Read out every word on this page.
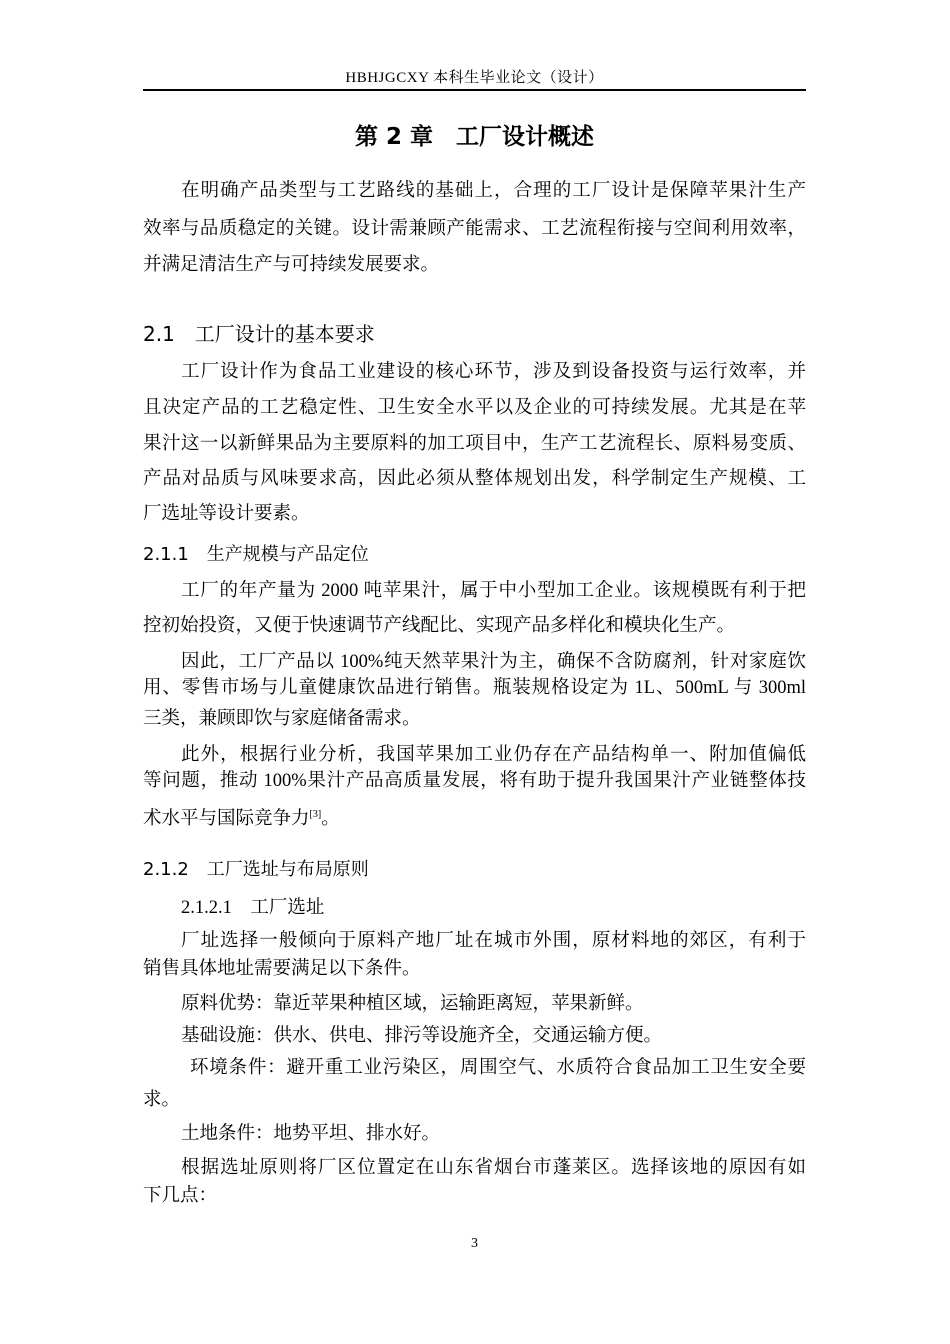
HBHJGCXY 本科生毕业论文（设计）
第 2 章　工厂设计概述
在明确产品类型与工艺路线的基础上，合理的工厂设计是保障苹果汁生产
效率与品质稳定的关键。设计需兼顾产能需求、工艺流程衔接与空间利用效率，
并满足清洁生产与可持续发展要求。
2.1　工厂设计的基本要求
工厂设计作为食品工业建设的核心环节，涉及到设备投资与运行效率，并
且决定产品的工艺稳定性、卫生安全水平以及企业的可持续发展。尤其是在苹
果汁这一以新鲜果品为主要原料的加工项目中，生产工艺流程长、原料易变质、
产品对品质与风味要求高，因此必须从整体规划出发，科学制定生产规模、工
厂选址等设计要素。
2.1.1　生产规模与产品定位
工厂的年产量为 2000 吨苹果汁，属于中小型加工企业。该规模既有利于把
控初始投资，又便于快速调节产线配比、实现产品多样化和模块化生产。
因此，工厂产品以 100%纯天然苹果汁为主，确保不含防腐剂，针对家庭饮
用、零售市场与儿童健康饮品进行销售。瓶装规格设定为 1L、500mL 与 300ml
三类，兼顾即饮与家庭储备需求。
此外，根据行业分析，我国苹果加工业仍存在产品结构单一、附加值偏低
等问题，推动 100%果汁产品高质量发展，将有助于提升我国果汁产业链整体技
术水平与国际竞争力[3]。
2.1.2　工厂选址与布局原则
2.1.2.1　工厂选址
厂址选择一般倾向于原料产地厂址在城市外围，原材料地的郊区，有利于
销售具体地址需要满足以下条件。
原料优势：靠近苹果种植区域，运输距离短，苹果新鲜。
基础设施：供水、供电、排污等设施齐全，交通运输方便。
环境条件：避开重工业污染区，周围空气、水质符合食品加工卫生安全要
求。
土地条件：地势平坦、排水好。
根据选址原则将厂区位置定在山东省烟台市蓬莱区。选择该地的原因有如
下几点：
3
